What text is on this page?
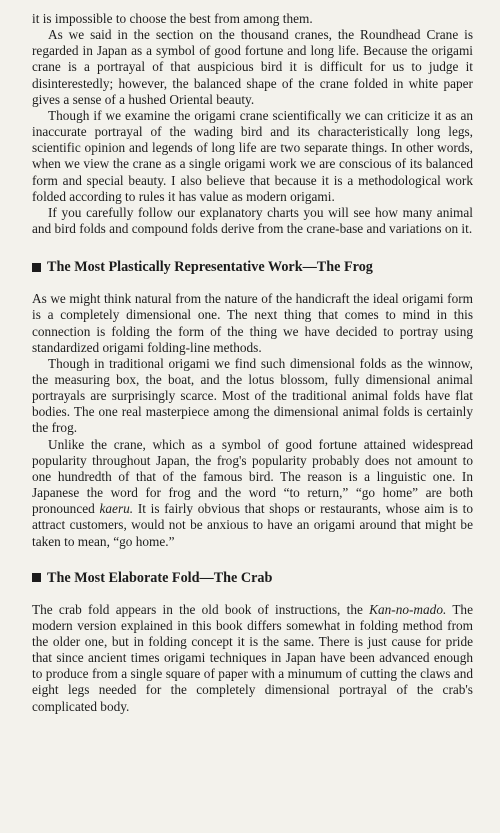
it is impossible to choose the best from among them.

As we said in the section on the thousand cranes, the Roundhead Crane is regarded in Japan as a symbol of good fortune and long life. Because the origami crane is a portrayal of that auspicious bird it is difficult for us to judge it disinterestedly; however, the balanced shape of the crane folded in white paper gives a sense of a hushed Oriental beauty.

Though if we examine the origami crane scientifically we can criticize it as an inaccurate portrayal of the wading bird and its characteristically long legs, scientific opinion and legends of long life are two separate things. In other words, when we view the crane as a single origami work we are conscious of its balanced form and special beauty. I also believe that because it is a methodological work folded according to rules it has value as modern origami.

If you carefully follow our explanatory charts you will see how many animal and bird folds and compound folds derive from the crane-base and variations on it.

The Most Plastically Representative Work—The Frog

As we might think natural from the nature of the handicraft the ideal origami form is a completely dimensional one. The next thing that comes to mind in this connection is folding the form of the thing we have decided to portray using standardized origami folding-line methods.

Though in traditional origami we find such dimensional folds as the winnow, the measuring box, the boat, and the lotus blossom, fully dimensional animal portrayals are surprisingly scarce. Most of the traditional animal folds have flat bodies. The one real masterpiece among the dimensional animal folds is certainly the frog.

Unlike the crane, which as a symbol of good fortune attained widespread popularity throughout Japan, the frog's popularity probably does not amount to one hundredth of that of the famous bird. The reason is a linguistic one. In Japanese the word for frog and the word “to return,” “go home” are both pronounced kaeru. It is fairly obvious that shops or restaurants, whose aim is to attract customers, would not be anxious to have an origami around that might be taken to mean, “go home.”

The Most Elaborate Fold—The Crab

The crab fold appears in the old book of instructions, the Kan-no-mado. The modern version explained in this book differs somewhat in folding method from the older one, but in folding concept it is the same. There is just cause for pride that since ancient times origami techniques in Japan have been advanced enough to produce from a single square of paper with a minumum of cutting the claws and eight legs needed for the completely dimensional portrayal of the crab's complicated body.
